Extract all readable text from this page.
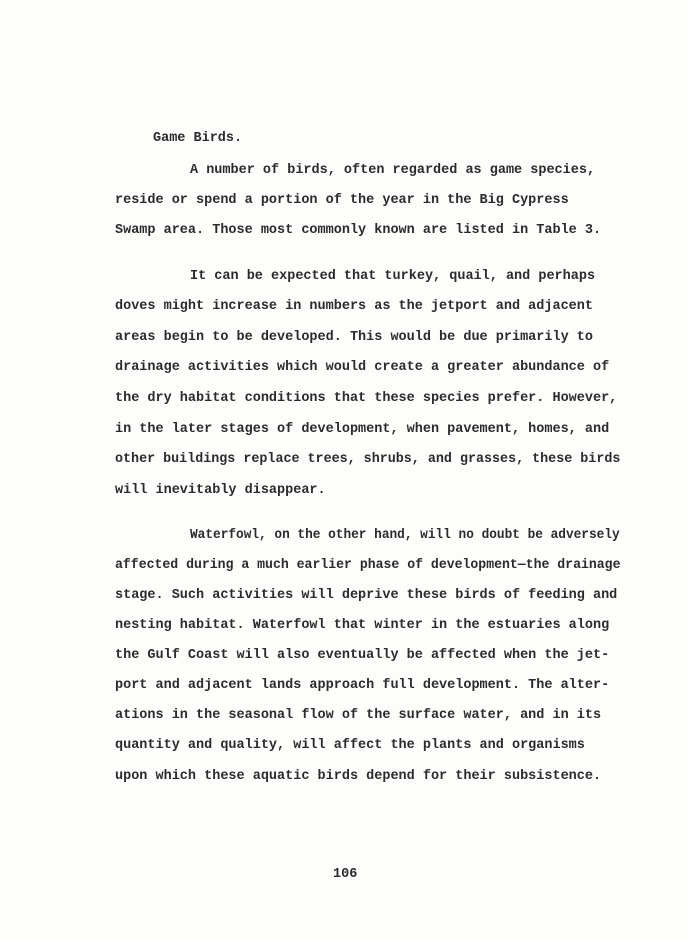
Game Birds.
A number of birds, often regarded as game species,
reside or spend a portion of the year in the Big Cypress
Swamp area. Those most commonly known are listed in Table 3.
It can be expected that turkey, quail, and perhaps
doves might increase in numbers as the jetport and adjacent
areas begin to be developed. This would be due primarily to
drainage activities which would create a greater abundance of
the dry habitat conditions that these species prefer. However,
in the later stages of development, when pavement, homes, and
other buildings replace trees, shrubs, and grasses, these birds
will inevitably disappear.
Waterfowl, on the other hand, will no doubt be adversely
affected during a much earlier phase of development—the drainage
stage. Such activities will deprive these birds of feeding and
nesting habitat. Waterfowl that winter in the estuaries along
the Gulf Coast will also eventually be affected when the jet-
port and adjacent lands approach full development. The alter-
ations in the seasonal flow of the surface water, and in its
quantity and quality, will affect the plants and organisms
upon which these aquatic birds depend for their subsistence.
106
